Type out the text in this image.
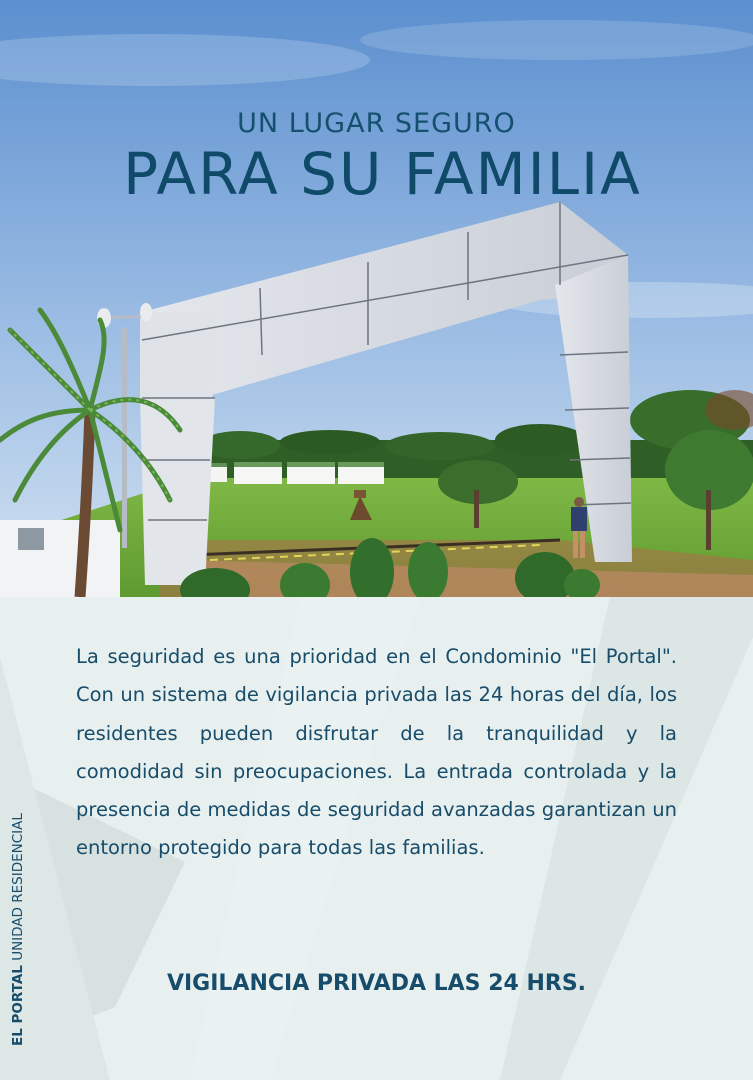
UN LUGAR SEGURO
PARA SU FAMILIA

La seguridad es una prioridad en el Condominio "El Portal". Con un sistema de vigilancia privada las 24 horas del día, los residentes pueden disfrutar de la tranquilidad y la comodidad sin preocupaciones. La entrada controlada y la presencia de medidas de seguridad avanzadas garantizan un entorno protegido para todas las familias.

VIGILANCIA PRIVADA LAS 24 HRS.

EL PORTAL UNIDAD RESIDENCIAL
